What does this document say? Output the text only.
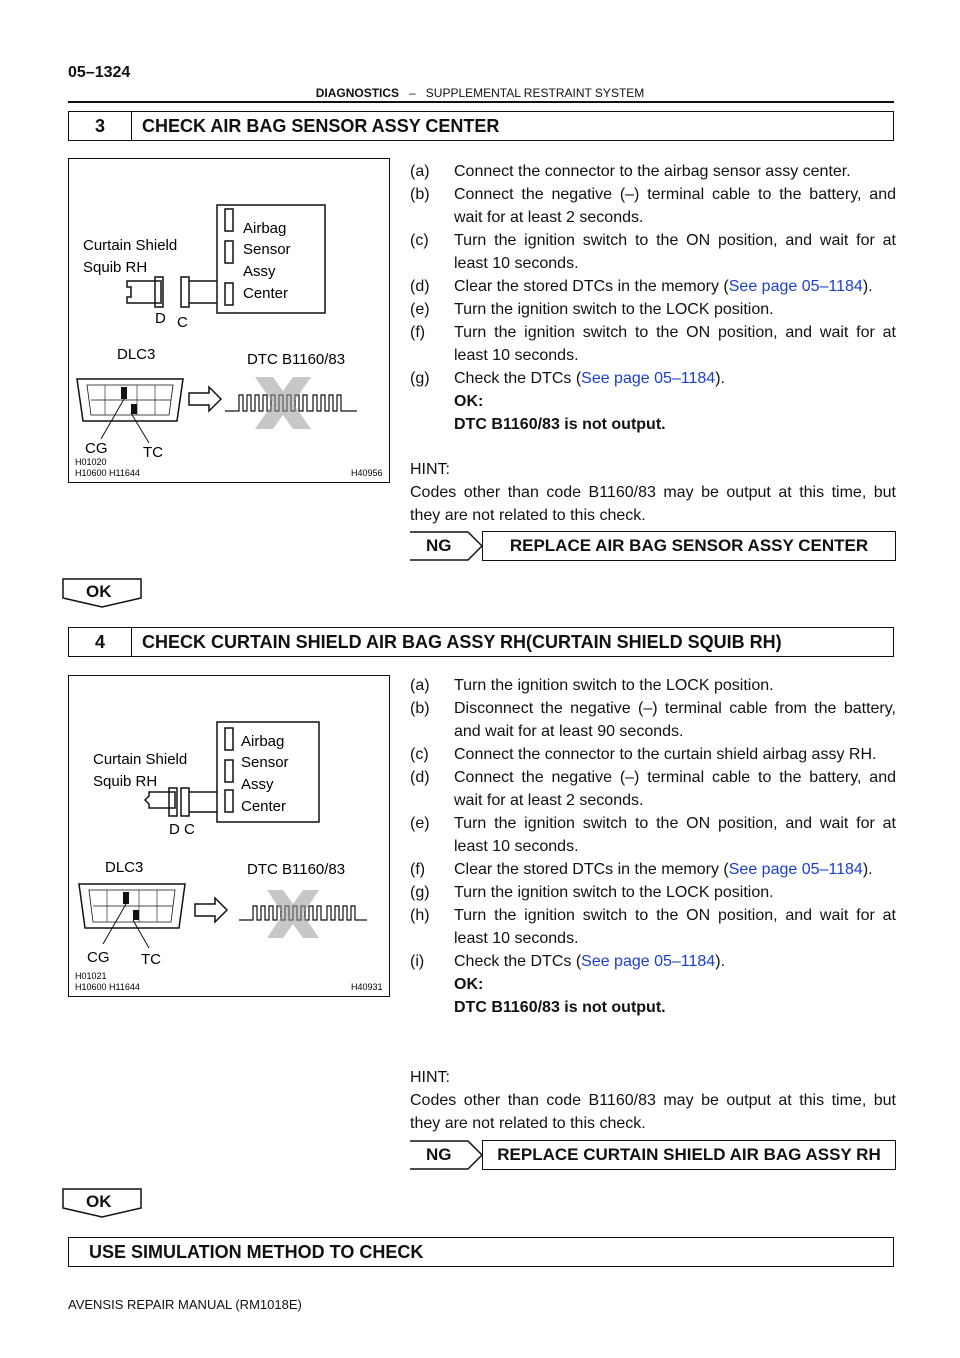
05–1324
DIAGNOSTICS – SUPPLEMENTAL RESTRAINT SYSTEM
3	CHECK AIR BAG SENSOR ASSY CENTER
Airbag
Sensor
Assy
Center
Curtain Shield
Squib RH
D C
DLC3	DTC B1160/83
CG TC
H01020
H10600 H11644	H40956
(a)	Connect the connector to the airbag sensor assy center.
(b)	Connect the negative (–) terminal cable to the battery, and wait for at least 2 seconds.
(c)	Turn the ignition switch to the ON position, and wait for at least 10 seconds.
(d)	Clear the stored DTCs in the memory (See page 05–1184).
(e)	Turn the ignition switch to the LOCK position.
(f)	Turn the ignition switch to the ON position, and wait for at least 10 seconds.
(g)	Check the DTCs (See page 05–1184).
OK:
DTC B1160/83 is not output.
HINT:
Codes other than code B1160/83 may be output at this time, but they are not related to this check.
NG	REPLACE AIR BAG SENSOR ASSY CENTER
OK
4	CHECK CURTAIN SHIELD AIR BAG ASSY RH(CURTAIN SHIELD SQUIB RH)
Airbag
Sensor
Assy
Center
Curtain Shield
Squib RH
D C
DLC3	DTC B1160/83
CG TC
H01021
H10600 H11644	H40931
(a)	Turn the ignition switch to the LOCK position.
(b)	Disconnect the negative (–) terminal cable from the battery, and wait for at least 90 seconds.
(c)	Connect the connector to the curtain shield airbag assy RH.
(d)	Connect the negative (–) terminal cable to the battery, and wait for at least 2 seconds.
(e)	Turn the ignition switch to the ON position, and wait for at least 10 seconds.
(f)	Clear the stored DTCs in the memory (See page 05–1184).
(g)	Turn the ignition switch to the LOCK position.
(h)	Turn the ignition switch to the ON position, and wait for at least 10 seconds.
(i)	Check the DTCs (See page 05–1184).
OK:
DTC B1160/83 is not output.
HINT:
Codes other than code B1160/83 may be output at this time, but they are not related to this check.
NG	REPLACE CURTAIN SHIELD AIR BAG ASSY RH
OK
USE SIMULATION METHOD TO CHECK
AVENSIS REPAIR MANUAL (RM1018E)
